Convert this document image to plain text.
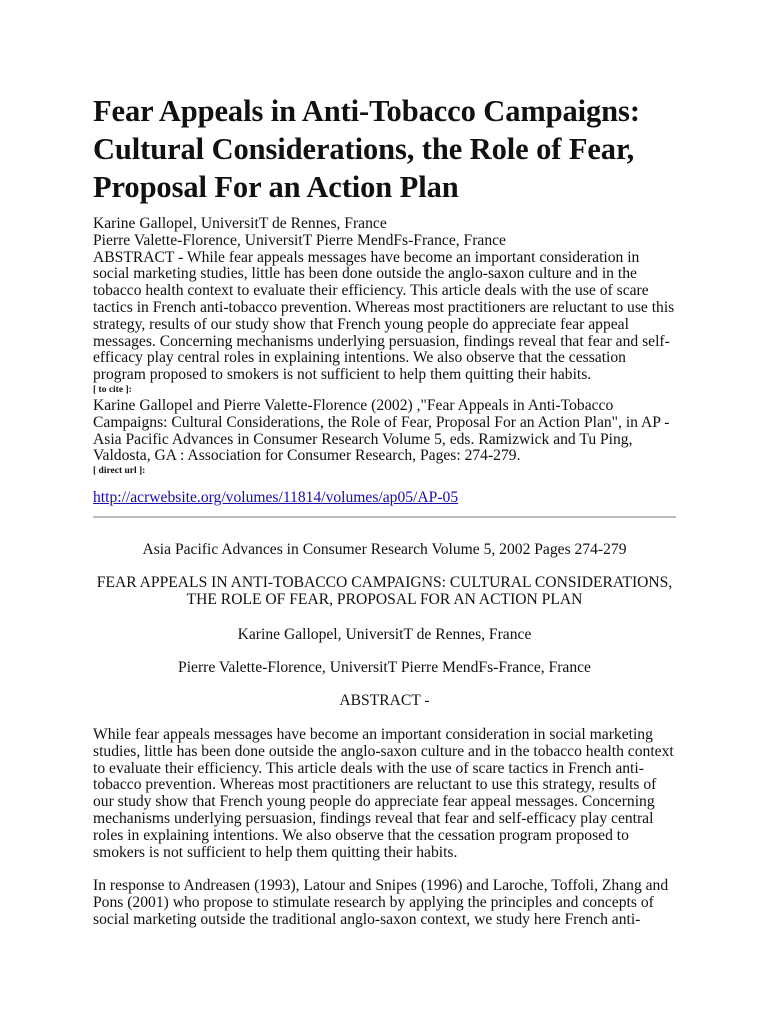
Fear Appeals in Anti-Tobacco Campaigns:
Cultural Considerations, the Role of Fear,
Proposal For an Action Plan
Karine Gallopel, UniversitT de Rennes, France
Pierre Valette-Florence, UniversitT Pierre MendFs-France, France
ABSTRACT - While fear appeals messages have become an important consideration in
social marketing studies, little has been done outside the anglo-saxon culture and in the
tobacco health context to evaluate their efficiency. This article deals with the use of scare
tactics in French anti-tobacco prevention. Whereas most practitioners are reluctant to use this
strategy, results of our study show that French young people do appreciate fear appeal
messages. Concerning mechanisms underlying persuasion, findings reveal that fear and self-
efficacy play central roles in explaining intentions. We also observe that the cessation
program proposed to smokers is not sufficient to help them quitting their habits.
[ to cite ]:
Karine Gallopel and Pierre Valette-Florence (2002) ,"Fear Appeals in Anti-Tobacco
Campaigns: Cultural Considerations, the Role of Fear, Proposal For an Action Plan", in AP -
Asia Pacific Advances in Consumer Research Volume 5, eds. Ramizwick and Tu Ping,
Valdosta, GA : Association for Consumer Research, Pages: 274-279.
[ direct url ]:
http://acrwebsite.org/volumes/11814/volumes/ap05/AP-05
Asia Pacific Advances in Consumer Research Volume 5, 2002 Pages 274-279
FEAR APPEALS IN ANTI-TOBACCO CAMPAIGNS: CULTURAL CONSIDERATIONS,
THE ROLE OF FEAR, PROPOSAL FOR AN ACTION PLAN
Karine Gallopel, UniversitT de Rennes, France
Pierre Valette-Florence, UniversitT Pierre MendFs-France, France
ABSTRACT -
While fear appeals messages have become an important consideration in social marketing
studies, little has been done outside the anglo-saxon culture and in the tobacco health context
to evaluate their efficiency. This article deals with the use of scare tactics in French anti-
tobacco prevention. Whereas most practitioners are reluctant to use this strategy, results of
our study show that French young people do appreciate fear appeal messages. Concerning
mechanisms underlying persuasion, findings reveal that fear and self-efficacy play central
roles in explaining intentions. We also observe that the cessation program proposed to
smokers is not sufficient to help them quitting their habits.
In response to Andreasen (1993), Latour and Snipes (1996) and Laroche, Toffoli, Zhang and
Pons (2001) who propose to stimulate research by applying the principles and concepts of
social marketing outside the traditional anglo-saxon context, we study here French anti-
